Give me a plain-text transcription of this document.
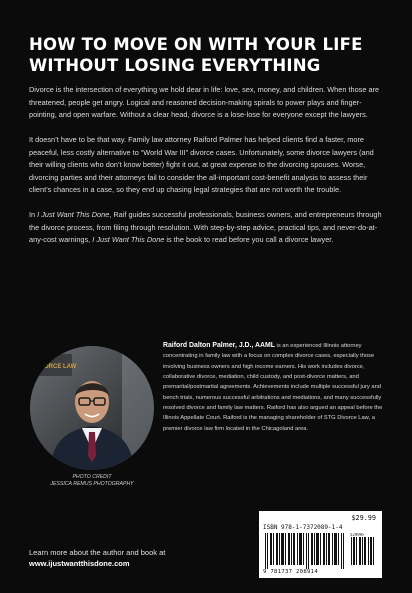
HOW TO MOVE ON WITH YOUR LIFE
WITHOUT LOSING EVERYTHING

Divorce is the intersection of everything we hold dear in life: love, sex, money, and children. When those are threatened, people get angry. Logical and reasoned decision-making spirals to power plays and finger-pointing, and open warfare. Without a clear head, divorce is a lose-lose for everyone except the lawyers.

It doesn’t have to be that way. Family law attorney Raiford Palmer has helped clients find a faster, more peaceful, less costly alternative to “World War III” divorce cases. Unfortunately, some divorce lawyers (and their willing clients who don’t know better) fight it out, at great expense to the divorcing spouses. Worse, divorcing parties and their attorneys fail to consider the all-important cost-benefit analysis to assess their client’s chances in a case, so they end up chasing legal strategies that are not worth the trouble.

In I Just Want This Done, Raif guides successful professionals, business owners, and entrepreneurs through the divorce process, from filing through resolution. With step-by-step advice, practical tips, and never-do-at-any-cost warnings, I Just Want This Done is the book to read before you call a divorce lawyer.

DIVORCE LAW
PHOTO CREDIT
JESSICA REMUS PHOTOGRAPHY
Raiford Dalton Palmer, J.D., AAML is an experienced Illinois attorney concentrating in family law with a focus on complex divorce cases, especially those involving business owners and high income earners. His work includes divorce, collaborative divorce, mediation, child custody, and post-divorce matters, and premarital/postmarital agreements. Achievements include multiple successful jury and bench trials, numerous successful arbitrations and mediations, and many successfully resolved divorce and family law matters. Raiford has also argued an appeal before the Illinois Appellate Court. Raiford is the managing shareholder of STG Divorce Law, a premier divorce law firm located in the Chicagoland area.
Learn more about the author and book at
www.ijustwantthisdone.com
$29.99
ISBN 978-1-7372089-1-4
52999>
9 781737 208914
